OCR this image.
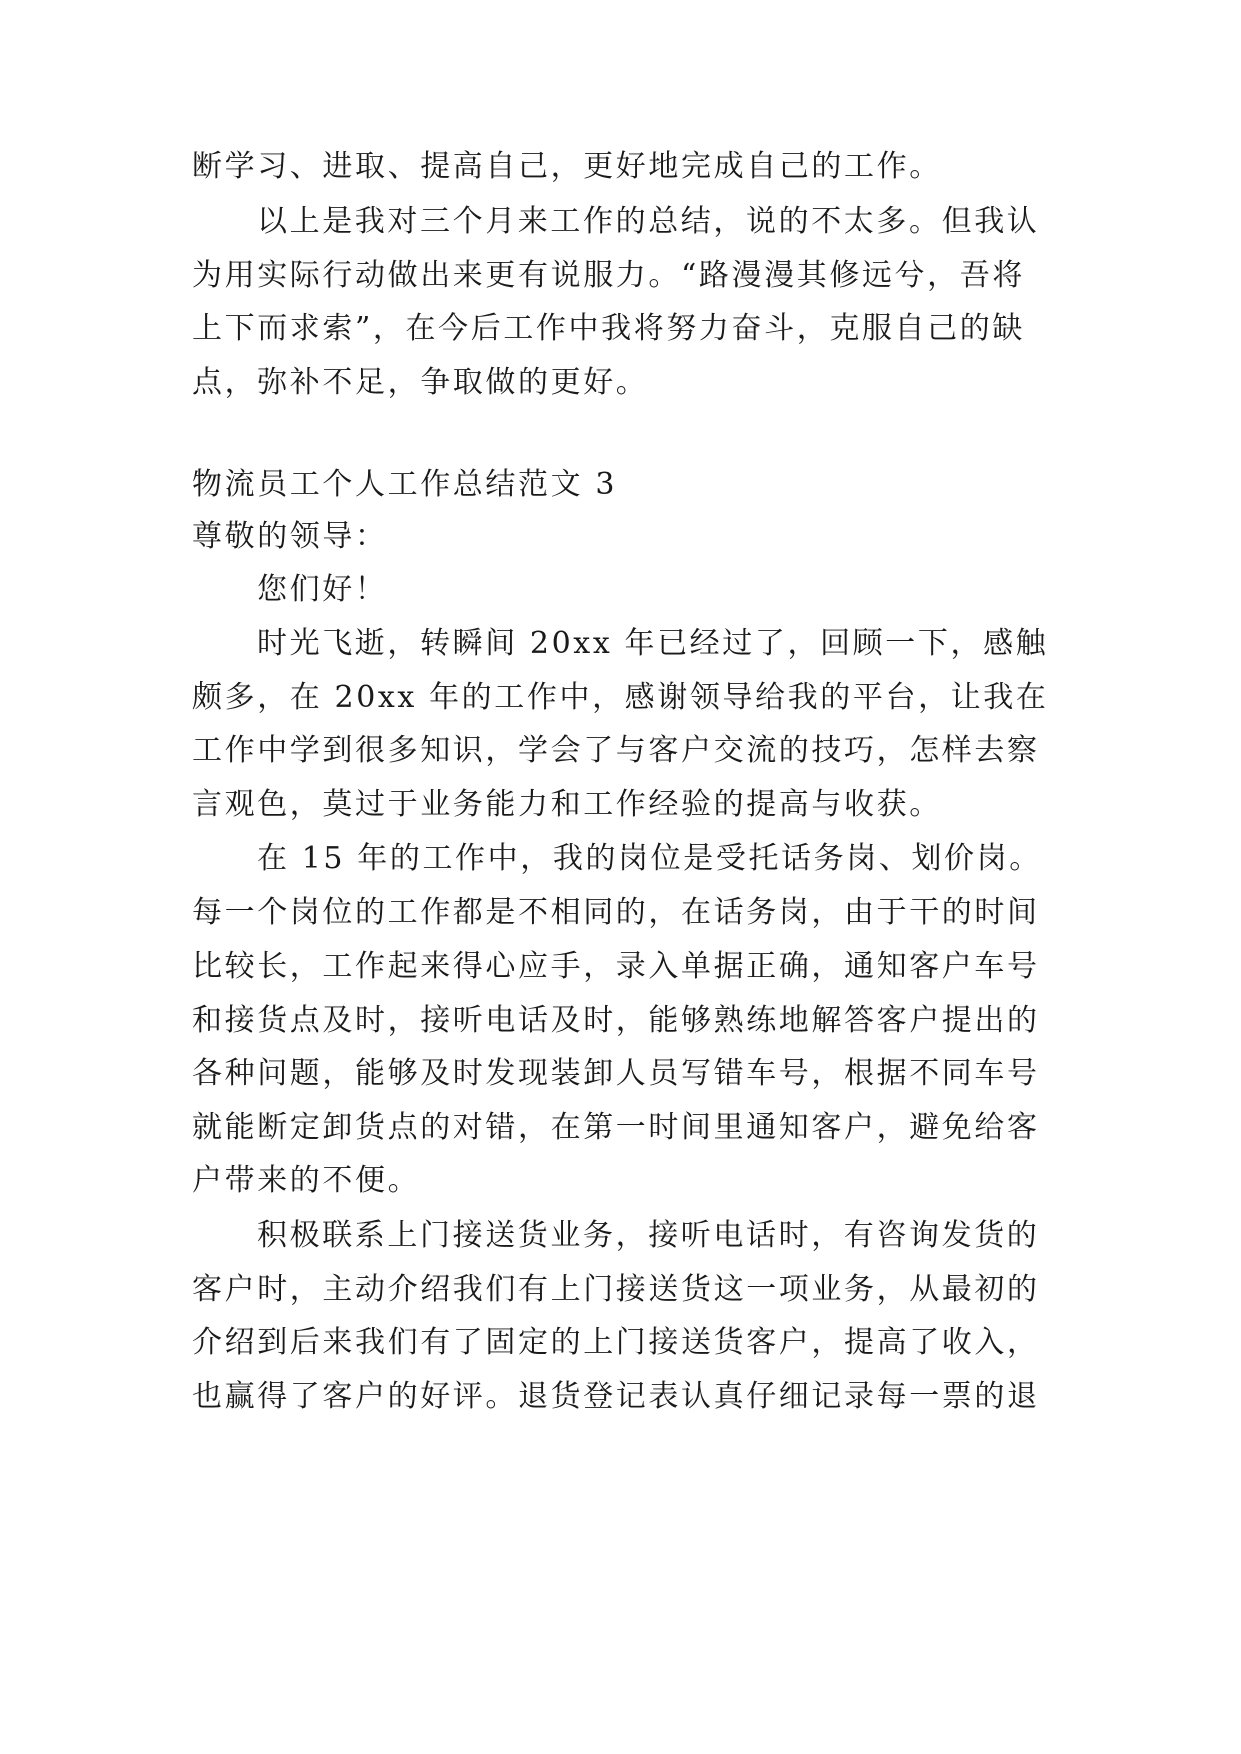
断学习、进取、提高自己，更好地完成自己的工作。
以上是我对三个月来工作的总结，说的不太多。但我认
为用实际行动做出来更有说服力。“路漫漫其修远兮，吾将
上下而求索”，在今后工作中我将努力奋斗，克服自己的缺
点，弥补不足，争取做的更好。
物流员工个人工作总结范文 3
尊敬的领导：
您们好！
时光飞逝，转瞬间 20xx 年已经过了，回顾一下，感触
颇多，在 20xx 年的工作中，感谢领导给我的平台，让我在
工作中学到很多知识，学会了与客户交流的技巧，怎样去察
言观色，莫过于业务能力和工作经验的提高与收获。
在 15 年的工作中，我的岗位是受托话务岗、划价岗。
每一个岗位的工作都是不相同的，在话务岗，由于干的时间
比较长，工作起来得心应手，录入单据正确，通知客户车号
和接货点及时，接听电话及时，能够熟练地解答客户提出的
各种问题，能够及时发现装卸人员写错车号，根据不同车号
就能断定卸货点的对错，在第一时间里通知客户，避免给客
户带来的不便。
积极联系上门接送货业务，接听电话时，有咨询发货的
客户时，主动介绍我们有上门接送货这一项业务，从最初的
介绍到后来我们有了固定的上门接送货客户，提高了收入，
也赢得了客户的好评。退货登记表认真仔细记录每一票的退
